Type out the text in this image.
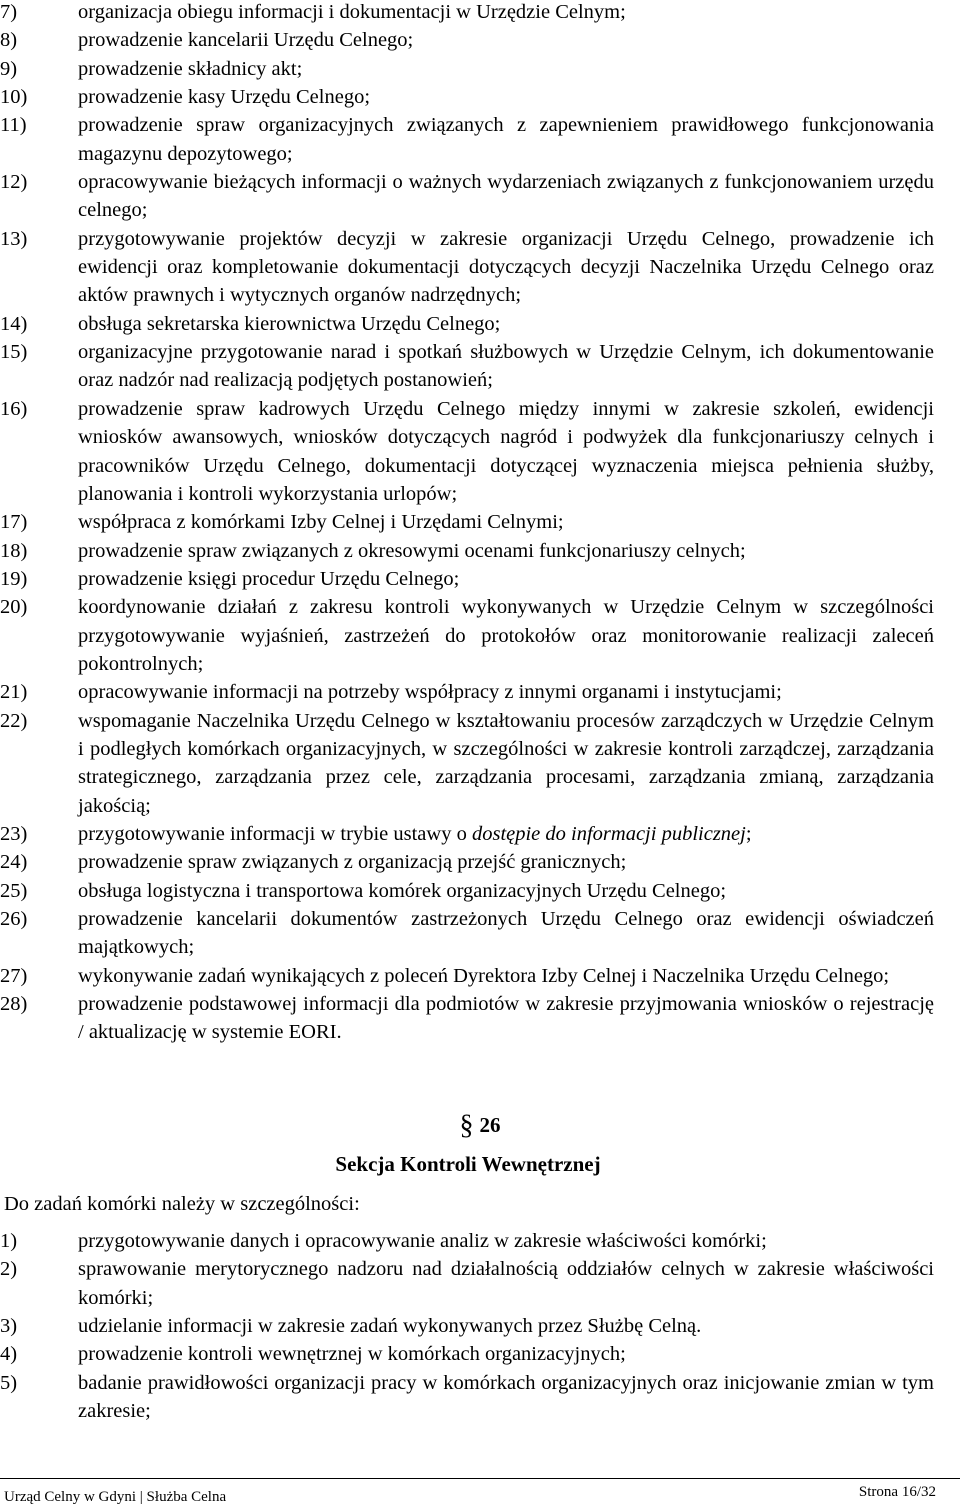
7)	organizacja obiegu informacji i dokumentacji w Urzędzie Celnym;
8)	prowadzenie kancelarii Urzędu Celnego;
9)	prowadzenie składnicy akt;
10)	prowadzenie kasy Urzędu Celnego;
11)	prowadzenie spraw organizacyjnych związanych z zapewnieniem prawidłowego funkcjonowania magazynu depozytowego;
12)	opracowywanie bieżących informacji o ważnych wydarzeniach związanych z funkcjonowaniem urzędu celnego;
13)	przygotowywanie projektów decyzji w zakresie organizacji Urzędu Celnego, prowadzenie ich ewidencji oraz kompletowanie dokumentacji dotyczących decyzji Naczelnika Urzędu Celnego oraz aktów prawnych i wytycznych organów nadrzędnych;
14)	obsługa sekretarska kierownictwa Urzędu Celnego;
15)	organizacyjne przygotowanie narad i spotkań służbowych w Urzędzie Celnym, ich dokumentowanie oraz nadzór nad realizacją podjętych postanowień;
16)	prowadzenie spraw kadrowych Urzędu Celnego między innymi w zakresie szkoleń, ewidencji wniosków awansowych, wniosków dotyczących nagród i podwyżek dla funkcjonariuszy celnych i pracowników Urzędu Celnego, dokumentacji dotyczącej wyznaczenia miejsca pełnienia służby, planowania i kontroli wykorzystania urlopów;
17)	współpraca z komórkami Izby Celnej i Urzędami Celnymi;
18)	prowadzenie spraw związanych z okresowymi ocenami funkcjonariuszy celnych;
19)	prowadzenie księgi procedur Urzędu Celnego;
20)	koordynowanie działań z zakresu kontroli wykonywanych w Urzędzie Celnym w szczególności przygotowywanie wyjaśnień, zastrzeżeń do protokołów oraz monitorowanie realizacji zaleceń pokontrolnych;
21)	opracowywanie informacji na potrzeby współpracy z innymi organami i instytucjami;
22)	wspomaganie Naczelnika Urzędu Celnego w kształtowaniu procesów zarządczych w Urzędzie Celnym i podległych komórkach organizacyjnych, w szczególności w zakresie kontroli zarządczej, zarządzania strategicznego, zarządzania przez cele, zarządzania procesami, zarządzania zmianą, zarządzania jakością;
23)	przygotowywanie informacji w trybie ustawy o dostępie do informacji publicznej;
24)	prowadzenie spraw związanych z organizacją przejść granicznych;
25)	obsługa logistyczna i transportowa komórek organizacyjnych Urzędu Celnego;
26)	prowadzenie kancelarii dokumentów zastrzeżonych Urzędu Celnego oraz ewidencji oświadczeń majątkowych;
27)	wykonywanie zadań wynikających z poleceń Dyrektora Izby Celnej i Naczelnika Urzędu Celnego;
28)	prowadzenie podstawowej informacji dla podmiotów w zakresie przyjmowania wniosków o rejestrację / aktualizację w systemie EORI.
§ 26
Sekcja Kontroli Wewnętrznej
Do zadań komórki należy w szczególności:
1)	przygotowywanie danych i opracowywanie analiz w zakresie właściwości komórki;
2)	sprawowanie merytorycznego nadzoru nad działalnością oddziałów celnych w zakresie właściwości komórki;
3)	udzielanie informacji w zakresie zadań wykonywanych przez Służbę Celną.
4)	prowadzenie kontroli wewnętrznej w komórkach organizacyjnych;
5)	badanie prawidłowości organizacji pracy w komórkach organizacyjnych oraz inicjowanie zmian w tym zakresie;
Urząd Celny w Gdyni | Służba Celna	Strona 16/32
